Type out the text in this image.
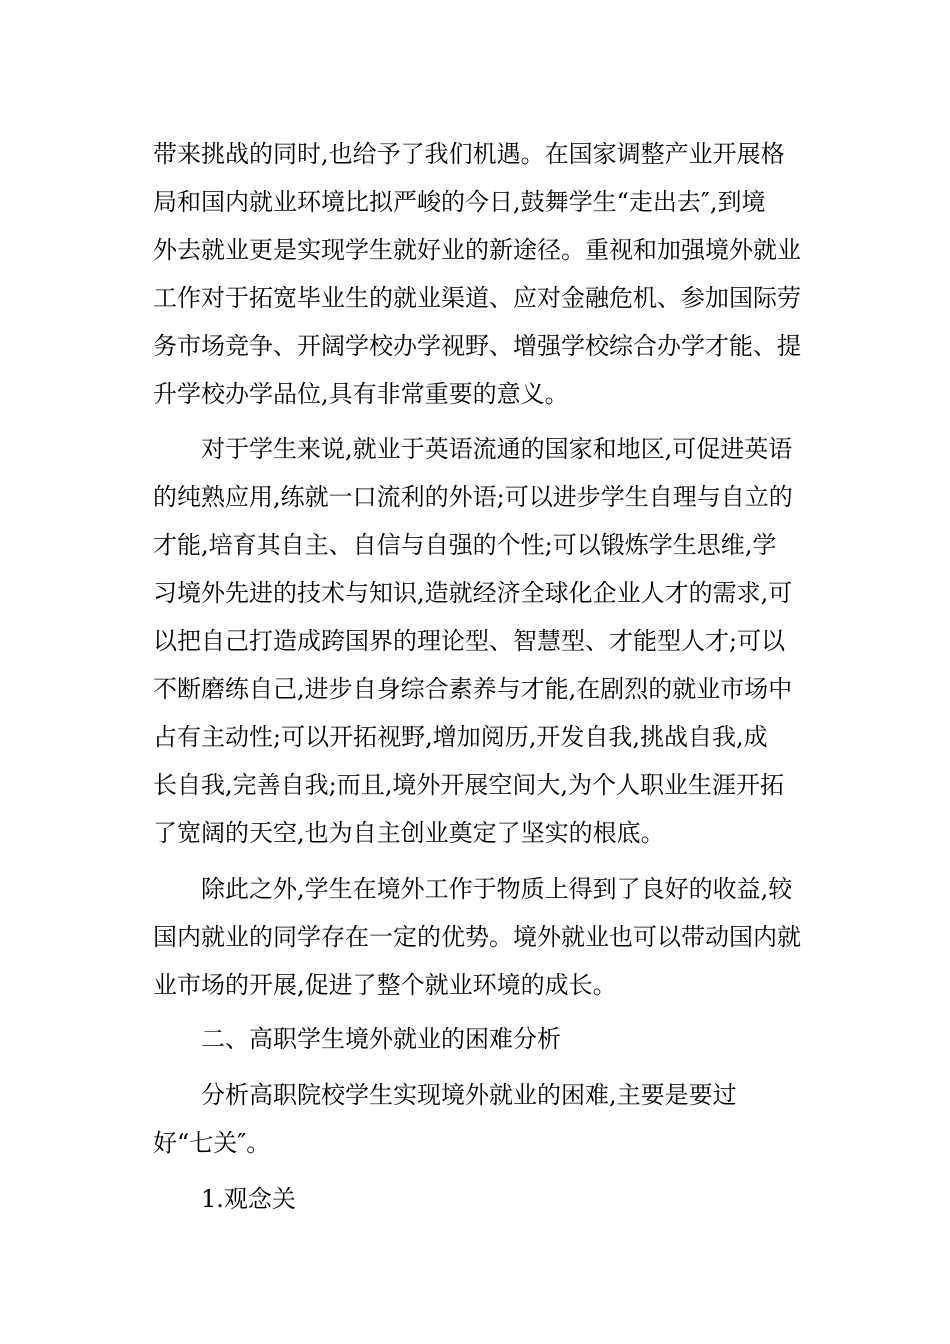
带来挑战的同时,也给予了我们机遇。在国家调整产业开展格
局和国内就业环境比拟严峻的今日,鼓舞学生“走出去″,到境
外去就业更是实现学生就好业的新途径。重视和加强境外就业
工作对于拓宽毕业生的就业渠道、应对金融危机、参加国际劳
务市场竞争、开阔学校办学视野、增强学校综合办学才能、提
升学校办学品位,具有非常重要的意义。
对于学生来说,就业于英语流通的国家和地区,可促进英语
的纯熟应用,练就一口流利的外语;可以进步学生自理与自立的
才能,培育其自主、自信与自强的个性;可以锻炼学生思维,学
习境外先进的技术与知识,造就经济全球化企业人才的需求,可
以把自己打造成跨国界的理论型、智慧型、才能型人才;可以
不断磨练自己,进步自身综合素养与才能,在剧烈的就业市场中
占有主动性;可以开拓视野,增加阅历,开发自我,挑战自我,成
长自我,完善自我;而且,境外开展空间大,为个人职业生涯开拓
了宽阔的天空,也为自主创业奠定了坚实的根底。
除此之外,学生在境外工作于物质上得到了良好的收益,较
国内就业的同学存在一定的优势。境外就业也可以带动国内就
业市场的开展,促进了整个就业环境的成长。
二、高职学生境外就业的困难分析
分析高职院校学生实现境外就业的困难,主要是要过
好“七关″。
1.观念关
